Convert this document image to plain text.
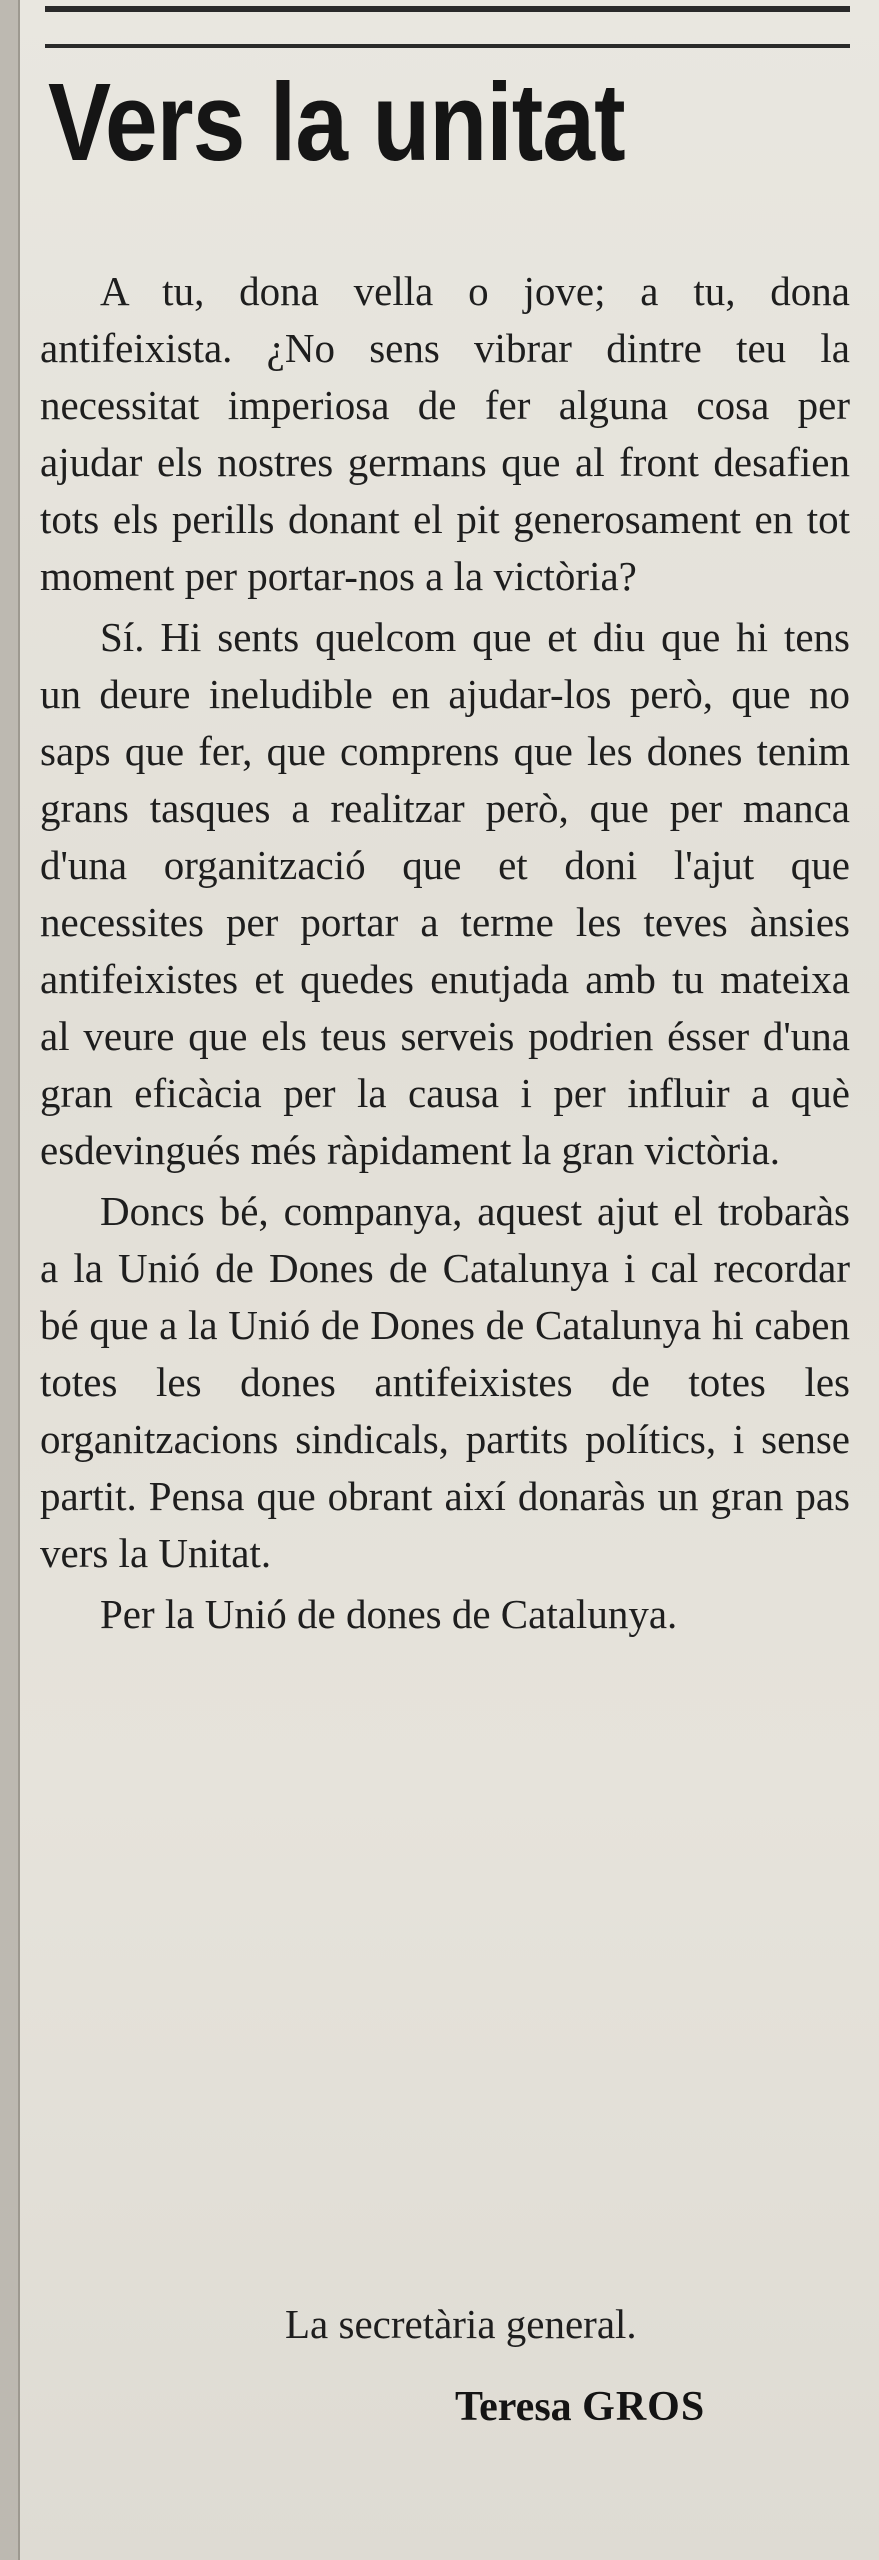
Vers la unitat

A tu, dona vella o jove; a tu, dona antifeixista. ¿No sens vibrar dintre teu la necessitat imperiosa de fer alguna cosa per ajudar els nostres germans que al front desafien tots els perills donant el pit generosament en tot moment per portar-nos a la victòria?

Sí. Hi sents quelcom que et diu que hi tens un deure ineludible en ajudar-los però, que no saps que fer, que comprens que les dones tenim grans tasques a realitzar però, que per manca d'una organització que et doni l'ajut que necessites per portar a terme les teves ànsies antifeixistes et quedes enutjada amb tu mateixa al veure que els teus serveis podrien ésser d'una gran eficàcia per la causa i per influir a què esdevingués més ràpidament la gran victòria.

Doncs bé, companya, aquest ajut el trobaràs a la Unió de Dones de Catalunya i cal recordar bé que a la Unió de Dones de Catalunya hi caben totes les dones antifeixistes de totes les organitzacions sindicals, partits polítics, i sense partit. Pensa que obrant així donaràs un gran pas vers la Unitat.

Per la Unió de dones de Catalunya.

La secretària general.
Teresa GROS
